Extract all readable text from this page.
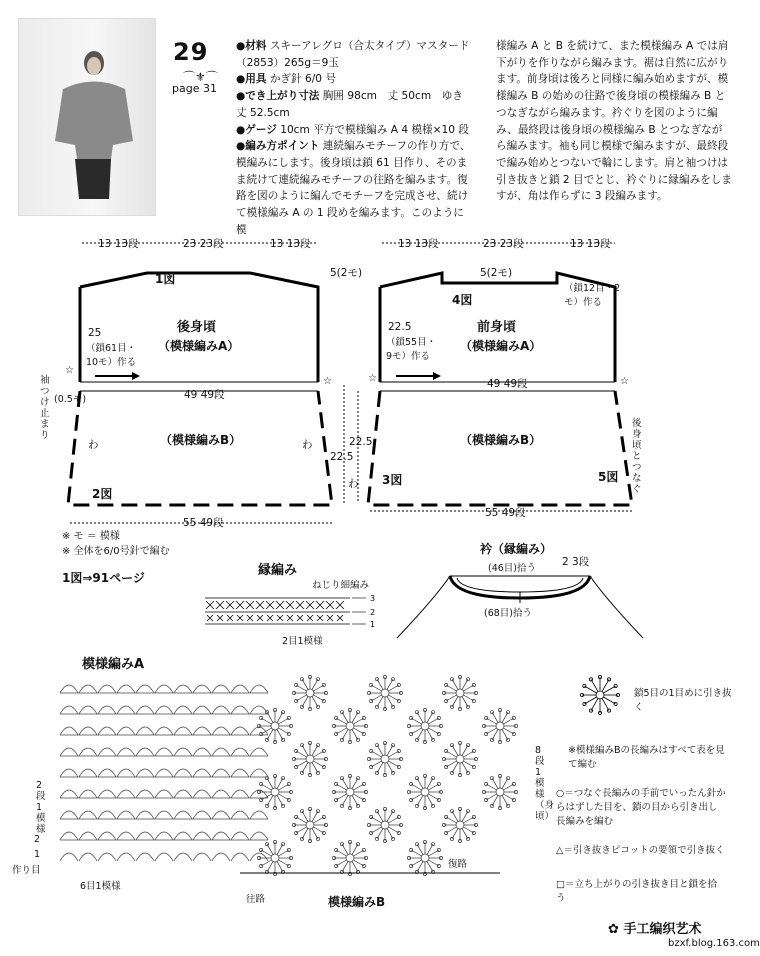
29
⌒⚜⌒
page 31
●材料 スキーアレグロ（合太タイプ）マスタード（2853）265g＝9玉
●用具 かぎ針 6/0 号
●でき上がり寸法 胸囲 98cm　丈 50cm　ゆき丈 52.5cm
●ゲージ 10cm 平方で模様編み A 4 模様×10 段
●編み方ポイント 連続編みモチーフの作り方で、模編みにします。後身頃は鎖 61 目作り、そのまま続けて連続編みモチーフの往路を編みます。復路を図のように編んでモチーフを完成させ、続けて模様編み A の 1 段めを編みます。このように模
様編み A と B を続けて、また模様編み A では肩下がりを作りながら編みます。裾は自然に広がります。前身頃は後ろと同様に編み始めますが、模様編み B の始めの往路で後身頃の模様編み B とつなぎながら編みます。衿ぐりを図のように編み、最終段は後身頃の模様編み B とつなぎながら編みます。袖も同じ模様で編みますが、最終段で編み始めとつないで輪にします。肩と袖つけは引き抜きと鎖 2 目でとじ、衿ぐりに縁編みをしますが、角は作らずに 3 段編みます。
☆
☆	☆	☆
13 13段	23 23段	13 13段
5(2モ)
1図
後身頃
（模様編みA）
25
（鎖61目・10モ）作る
49 49段
袖つけ止まり
(0.5モ)
わ	わ
（模様編みB）
22.5
2図
55 49段
13 13段	23 23段	13 13段
5(2モ)
（鎖12目・2モ）作る
4図
前身頃
（模様編みA）
22.5
（鎖55目・9モ）作る
49 49段
（模様編みB）
22.5
わ 3図	5図
後身頃とつなぐ
55 49段
※ モ ＝ 模様
※ 全体を6/0号針で編む
1図⇒91ページ	縁編み
ねじり細編み
3
2
1
2目1模様
衿（縁編み）
(46目)拾う
(68目)拾う
2 3段
模様編みA
2段1模様
2
1
作り目
6目1模様
往路
復路
模様編みB
8段1模様（身頃）
鎖5目の1目めに引き抜く
※模様編みBの長編みはすべて表を見て編む
○＝つなぐ長編みの手前でいったん針からはずした目を、鎖の目から引き出し長編みを編む
△＝引き抜きピコットの要領で引き抜く
□＝立ち上がりの引き抜き目と鎖を拾う
✿ 手工编织艺术
bzxf.blog.163.com
